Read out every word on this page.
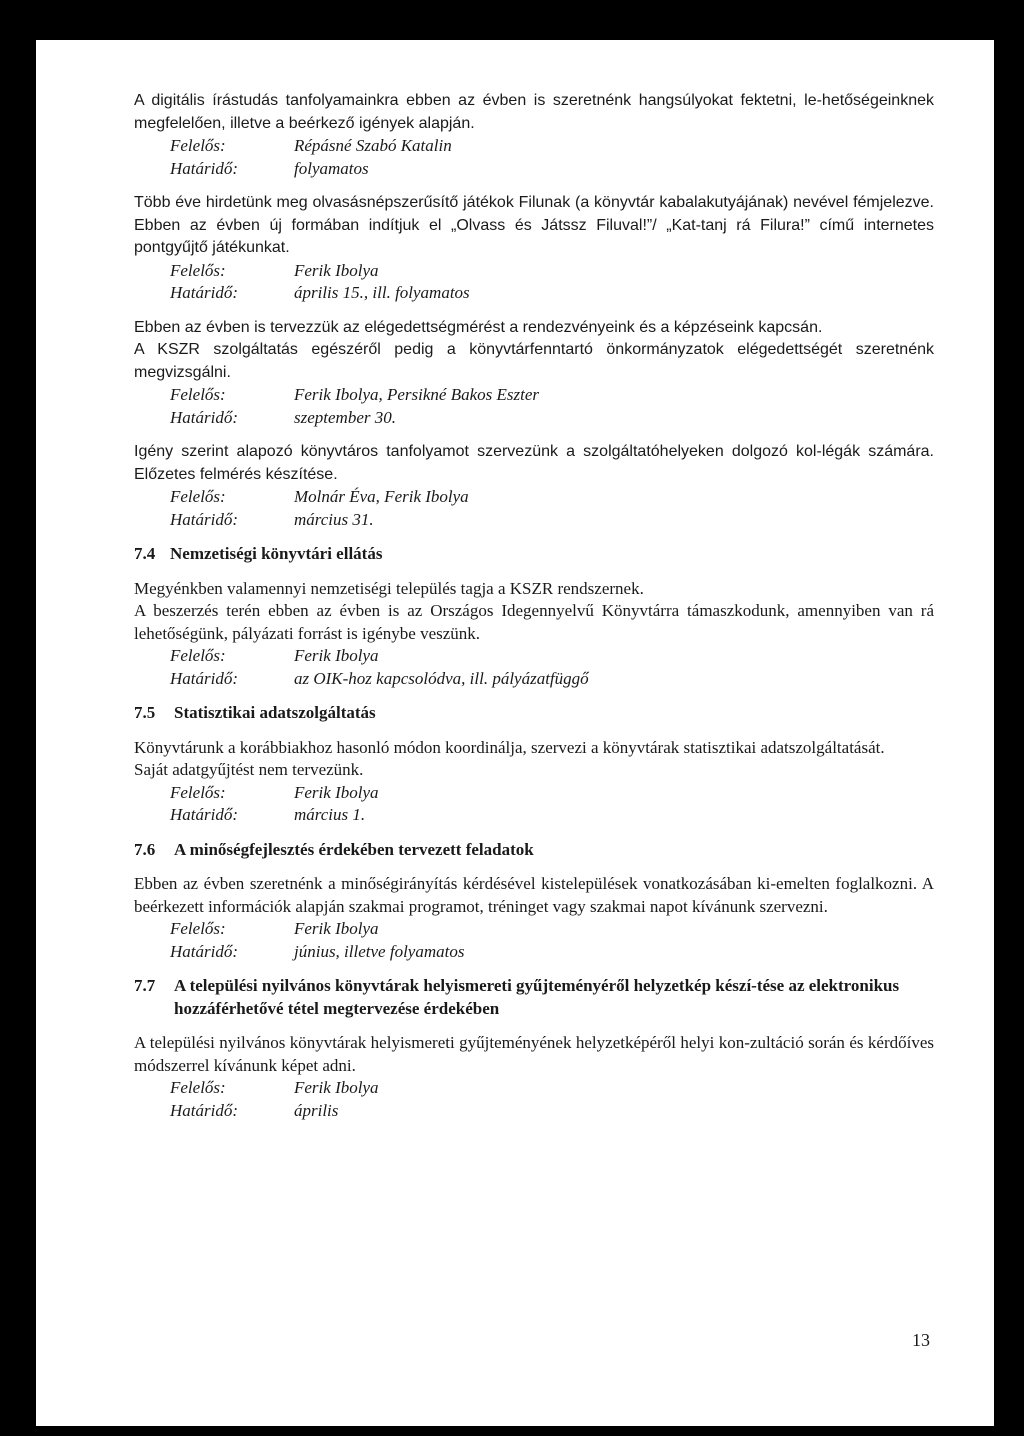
A digitális írástudás tanfolyamainkra ebben az évben is szeretnénk hangsúlyokat fektetni, le-hetőségeinknek megfelelően, illetve a beérkező igények alapján.

Felelős:	Répásné Szabó Katalin
Határidő:	folyamatos

Több éve hirdetünk meg olvasásnépszerűsítő játékok Filunak (a könyvtár kabalakutyájának) nevével fémjelezve. Ebben az évben új formában indítjuk el „Olvass és Játssz Filuval!”/ „Kat-tanj rá Filura!” című internetes pontgyűjtő játékunkat.

Felelős:	Ferik Ibolya
Határidő:	április 15., ill. folyamatos

Ebben az évben is tervezzük az elégedettségmérést a rendezvényeink és a képzéseink kapcsán.

A KSZR szolgáltatás egészéről pedig a könyvtárfenntartó önkormányzatok elégedettségét szeretnénk megvizsgálni.

Felelős:	Ferik Ibolya, Persikné Bakos Eszter
Határidő:	szeptember 30.

Igény szerint alapozó könyvtáros tanfolyamot szervezünk a szolgáltatóhelyeken dolgozó kol-légák számára. Előzetes felmérés készítése.

Felelős:	Molnár Éva, Ferik Ibolya
Határidő:	március 31.
7.4 Nemzetiségi könyvtári ellátás

Megyénkben valamennyi nemzetiségi település tagja a KSZR rendszernek.

A beszerzés terén ebben az évben is az Országos Idegennyelvű Könyvtárra támaszkodunk, amennyiben van rá lehetőségünk, pályázati forrást is igénybe veszünk.

Felelős:	Ferik Ibolya
Határidő:	az OIK-hoz kapcsolódva, ill. pályázatfüggő
7.5	Statisztikai adatszolgáltatás

Könyvtárunk a korábbiakhoz hasonló módon koordinálja, szervezi a könyvtárak statisztikai adatszolgáltatását.

Saját adatgyűjtést nem tervezünk.

Felelős:	Ferik Ibolya
Határidő:	március 1.
7.6	A minőségfejlesztés érdekében tervezett feladatok

Ebben az évben szeretnénk a minőségirányítás kérdésével kistelepülések vonatkozásában ki-emelten foglalkozni. A beérkezett információk alapján szakmai programot, tréninget vagy szakmai napot kívánunk szervezni.

Felelős:	Ferik Ibolya
Határidő:	június, illetve folyamatos
7.7	A települési nyilvános könyvtárak helyismereti gyűjteményéről helyzetkép készí-tése az elektronikus hozzáférhetővé tétel megtervezése érdekében

A települési nyilvános könyvtárak helyismereti gyűjteményének helyzetképéről helyi kon-zultáció során és kérdőíves módszerrel kívánunk képet adni.

Felelős:	Ferik Ibolya
Határidő:	április
13
